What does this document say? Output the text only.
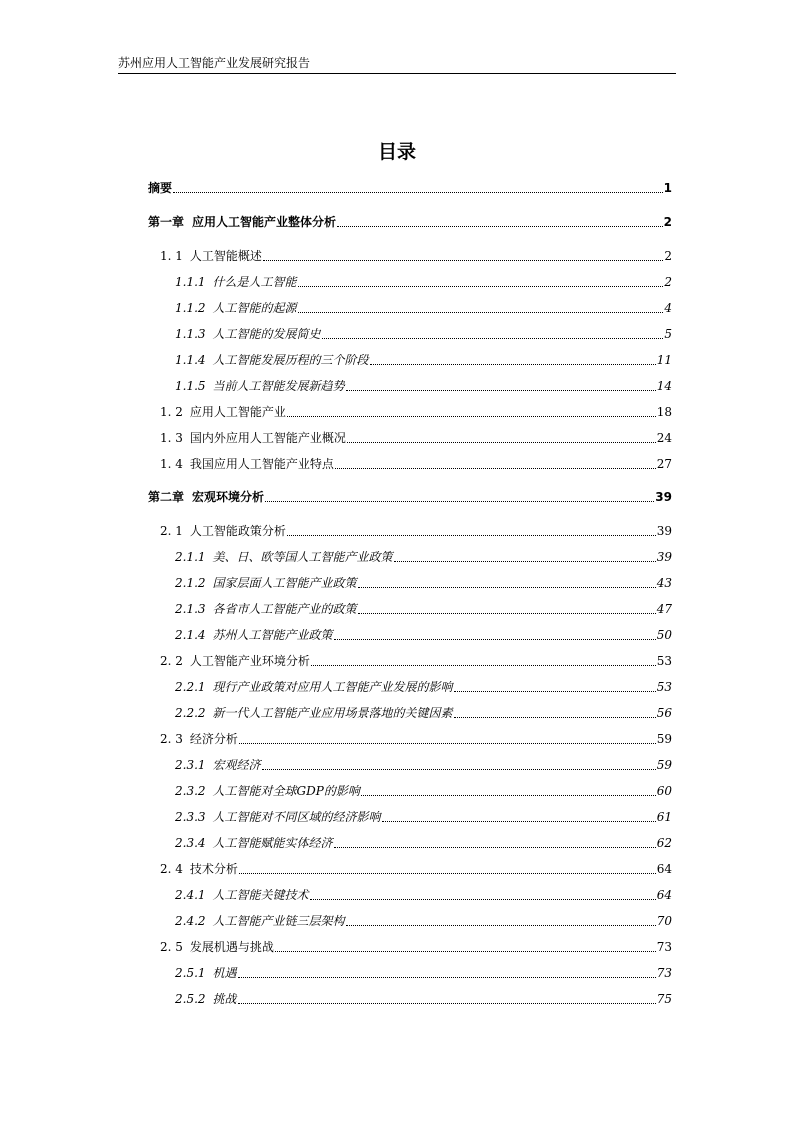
苏州应用人工智能产业发展研究报告
目录
摘要	1
第一章 应用人工智能产业整体分析	2
1. 1 人工智能概述	2
1.1.1 什么是人工智能	2
1.1.2 人工智能的起源	4
1.1.3 人工智能的发展简史	5
1.1.4 人工智能发展历程的三个阶段	11
1.1.5 当前人工智能发展新趋势	14
1. 2 应用人工智能产业	18
1. 3 国内外应用人工智能产业概况	24
1. 4 我国应用人工智能产业特点	27
第二章 宏观环境分析	39
2. 1 人工智能政策分析	39
2.1.1 美、日、欧等国人工智能产业政策	39
2.1.2 国家层面人工智能产业政策	43
2.1.3 各省市人工智能产业的政策	47
2.1.4 苏州人工智能产业政策	50
2. 2 人工智能产业环境分析	53
2.2.1 现行产业政策对应用人工智能产业发展的影响	53
2.2.2 新一代人工智能产业应用场景落地的关键因素	56
2. 3 经济分析	59
2.3.1 宏观经济	59
2.3.2 人工智能对全球GDP的影响	60
2.3.3 人工智能对不同区域的经济影响	61
2.3.4 人工智能赋能实体经济	62
2. 4 技术分析	64
2.4.1 人工智能关键技术	64
2.4.2 人工智能产业链三层架构	70
2. 5 发展机遇与挑战	73
2.5.1 机遇	73
2.5.2 挑战	75
